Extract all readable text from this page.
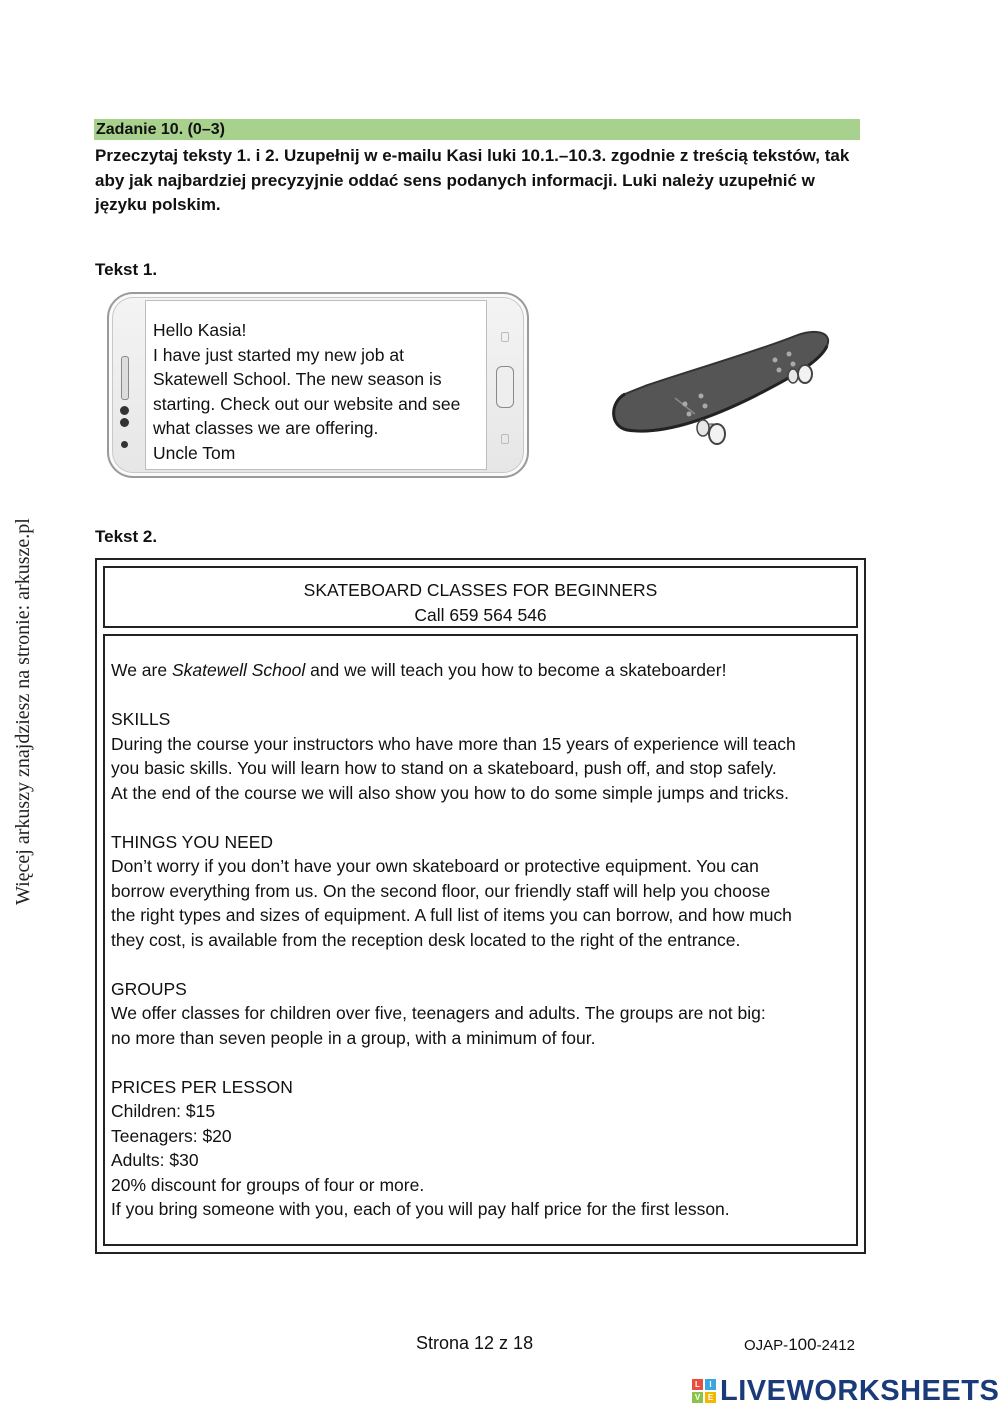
Więcej arkuszy znajdziesz na stronie: arkusze.pl
Zadanie 10. (0–3)
Przeczytaj teksty 1. i 2. Uzupełnij w e-mailu Kasi luki 10.1.–10.3. zgodnie z treścią tekstów, tak aby jak najbardziej precyzyjnie oddać sens podanych informacji. Luki należy uzupełnić w języku polskim.
Tekst 1.
Hello Kasia!
I have just started my new job at
Skatewell School. The new season is
starting. Check out our website and see
what classes we are offering.
Uncle Tom
Tekst 2.
SKATEBOARD CLASSES FOR BEGINNERS
Call 659 564 546

We are Skatewell School and we will teach you how to become a skateboarder!

SKILLS
During the course your instructors who have more than 15 years of experience will teach
you basic skills. You will learn how to stand on a skateboard, push off, and stop safely.
At the end of the course we will also show you how to do some simple jumps and tricks.

THINGS YOU NEED
Don’t worry if you don’t have your own skateboard or protective equipment. You can
borrow everything from us. On the second floor, our friendly staff will help you choose
the right types and sizes of equipment. A full list of items you can borrow, and how much
they cost, is available from the reception desk located to the right of the entrance.

GROUPS
We offer classes for children over five, teenagers and adults. The groups are not big:
no more than seven people in a group, with a minimum of four.

PRICES PER LESSON
Children: $15
Teenagers: $20
Adults: $30
20% discount for groups of four or more.
If you bring someone with you, each of you will pay half price for the first lesson.

Strona 12 z 18	OJAP-100-2412
L	I
V E LIVEWORKSHEETS
